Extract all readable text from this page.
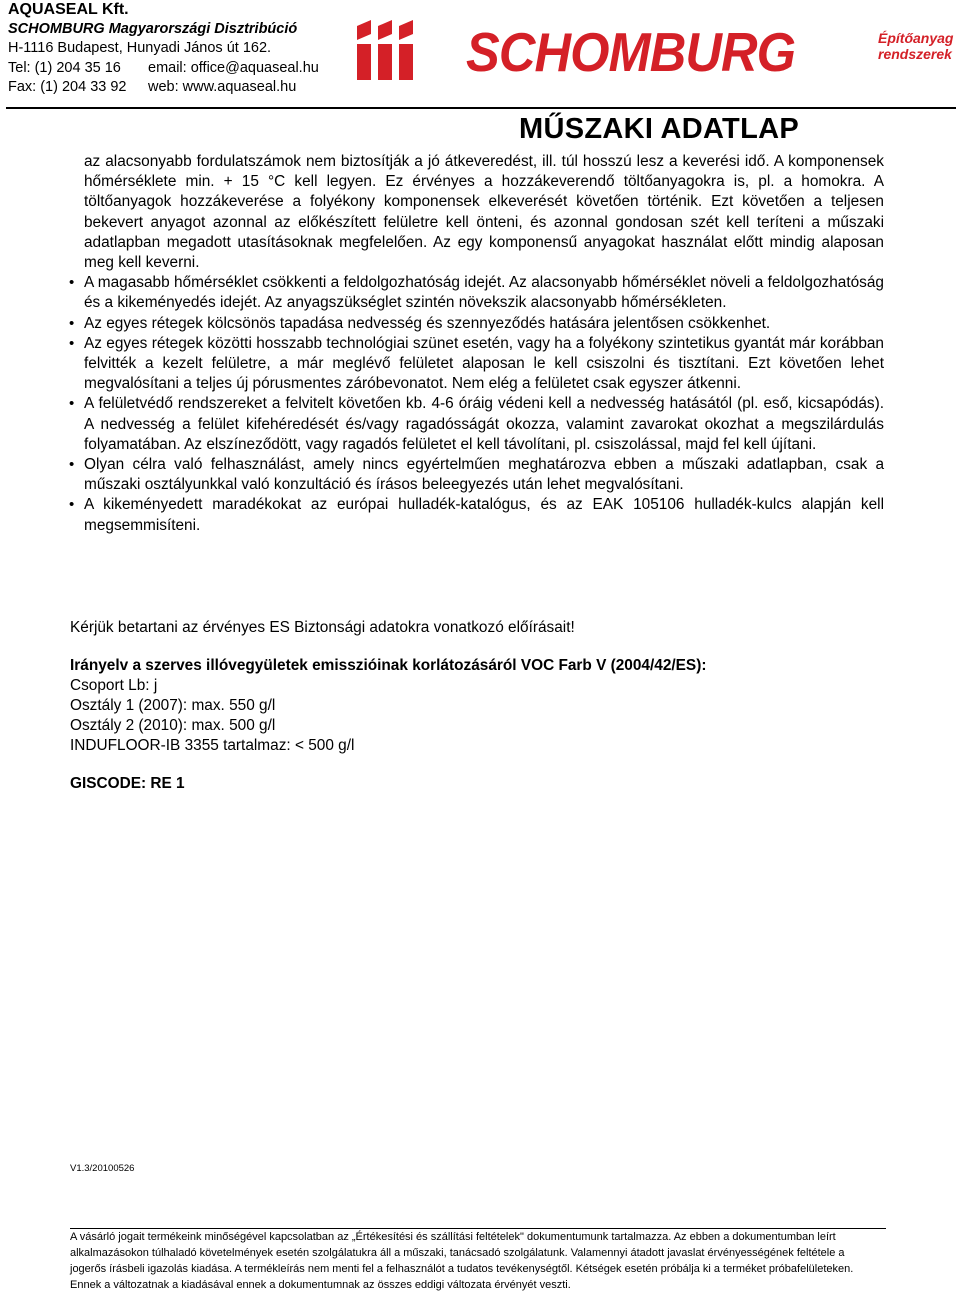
AQUASEAL Kft.
SCHOMBURG Magyarországi Disztribúció
H-1116 Budapest, Hunyadi János út 162.
Tel: (1) 204 35 16 email: office@aquaseal.hu
Fax: (1) 204 33 92 web: www.aquaseal.hu
SCHOMBURG	Építőanyag
rendszerek
MŰSZAKI ADATLAP

az alacsonyabb fordulatszámok nem biztosítják a jó átkeveredést, ill. túl hosszú lesz a keverési idő. A komponensek hőmérséklete min. + 15 °C kell legyen. Ez érvényes a hozzákeverendő töltőanyagokra is, pl. a homokra. A töltőanyagok hozzákeverése a folyékony komponensek elkeverését követően történik. Ezt követően a teljesen bekevert anyagot azonnal az előkészített felületre kell önteni, és azonnal gondosan szét kell teríteni a műszaki adatlapban megadott utasításoknak megfelelően. Az egy komponensű anyagokat használat előtt mindig alaposan meg kell keverni.

• A magasabb hőmérséklet csökkenti a feldolgozhatóság idejét. Az alacsonyabb hőmérséklet növeli a feldolgozhatóság és a kikeményedés idejét. Az anyagszükséglet szintén növekszik alacsonyabb hőmérsékleten.
• Az egyes rétegek kölcsönös tapadása nedvesség és szennyeződés hatására jelentősen csökkenhet.
• Az egyes rétegek közötti hosszabb technológiai szünet esetén, vagy ha a folyékony szintetikus gyantát már korábban felvitték a kezelt felületre, a már meglévő felületet alaposan le kell csiszolni és tisztítani. Ezt követően lehet megvalósítani a teljes új pórusmentes záróbevonatot. Nem elég a felületet csak egyszer átkenni.
• A felületvédő rendszereket a felvitelt követően kb. 4-6 óráig védeni kell a nedvesség hatásától (pl. eső, kicsapódás). A nedvesség a felület kifehéredését és/vagy ragadósságát okozza, valamint zavarokat okozhat a megszilárdulás folyamatában. Az elszíneződött, vagy ragadós felületet el kell távolítani, pl. csiszolással, majd fel kell újítani.
• Olyan célra való felhasználást, amely nincs egyértelműen meghatározva ebben a műszaki adatlapban, csak a műszaki osztályunkkal való konzultáció és írásos beleegyezés után lehet megvalósítani.
• A kikeményedett maradékokat az európai hulladék-katalógus, és az EAK 105106 hulladék-kulcs alapján kell megsemmisíteni.
Kérjük betartani az érvényes ES Biztonsági adatokra vonatkozó előírásait!
Irányelv a szerves illóvegyületek emisszióinak korlátozásáról VOC Farb V (2004/42/ES):
Csoport Lb: j
Osztály 1 (2007): max. 550 g/l
Osztály 2 (2010): max. 500 g/l
INDUFLOOR-IB 3355 tartalmaz: < 500 g/l
GISCODE: RE 1
V1.3/20100526
A vásárló jogait termékeink minőségével kapcsolatban az „Értékesítési és szállítási feltételek" dokumentumunk tartalmazza. Az ebben a dokumentumban leírt
alkalmazásokon túlhaladó követelmények esetén szolgálatukra áll a műszaki, tanácsadó szolgálatunk. Valamennyi átadott javaslat érvényességének feltétele a
jogerős írásbeli igazolás kiadása. A termékleírás nem menti fel a felhasználót a tudatos tevékenységtől. Kétségek esetén próbálja ki a terméket próbafelületeken.
Ennek a változatnak a kiadásával ennek a dokumentumnak az összes eddigi változata érvényét veszti.
